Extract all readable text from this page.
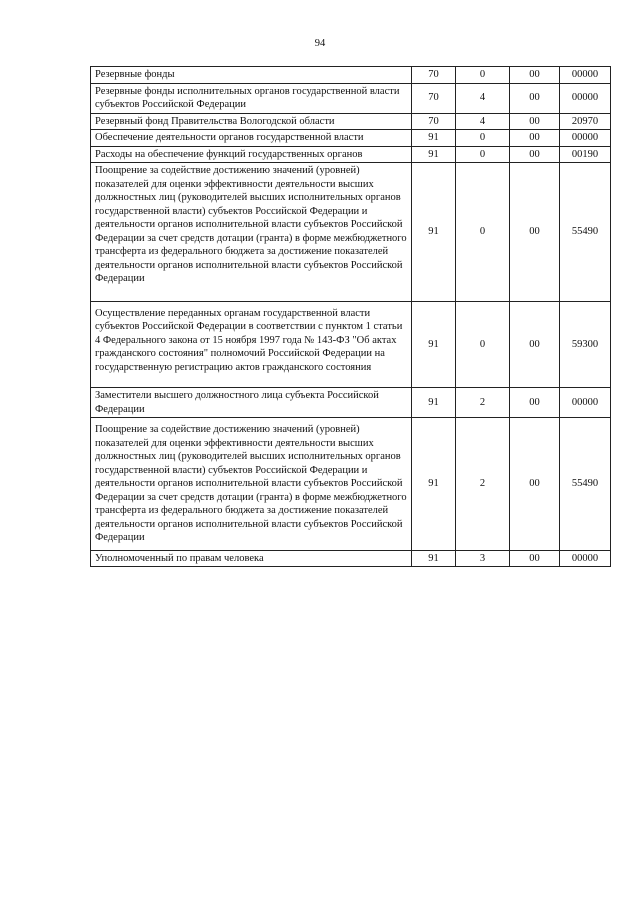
94
Резервные фонды	70	0	00	00000
Резервные фонды исполнительных органов государственной власти субъектов Российской Федерации	70	4	00	00000
Резервный фонд Правительства Вологодской области	70	4	00	20970
Обеспечение деятельности органов государственной власти	91	0	00	00000
Расходы на обеспечение функций государственных органов	91	0	00	00190
Поощрение за содействие достижению значений (уровней) показателей для оценки эффективности деятельности высших должностных лиц (руководителей высших исполнительных органов государственной власти) субъектов Российской Федерации и деятельности органов исполнительной власти субъектов Российской Федерации за счет средств дотации (гранта) в форме межбюджетного трансферта из федерального бюджета за достижение показателей деятельности органов исполнительной власти субъектов Российской Федерации	91	0	00	55490
Осуществление переданных органам государственной власти субъектов Российской Федерации в соответствии с пунктом 1 статьи 4 Федерального закона от 15 ноября 1997 года № 143-ФЗ "Об актах гражданского состояния" полномочий Российской Федерации на государственную регистрацию актов гражданского состояния	91	0	00	59300
Заместители высшего должностного лица субъекта Российской Федерации	91	2	00	00000
Поощрение за содействие достижению значений (уровней) показателей для оценки эффективности деятельности высших должностных лиц (руководителей высших исполнительных органов государственной власти) субъектов Российской Федерации и деятельности органов исполнительной власти субъектов Российской Федерации за счет средств дотации (гранта) в форме межбюджетного трансферта из федерального бюджета за достижение показателей деятельности органов исполнительной власти субъектов Российской Федерации	91	2	00	55490
Уполномоченный по правам человека	91	3	00	00000
